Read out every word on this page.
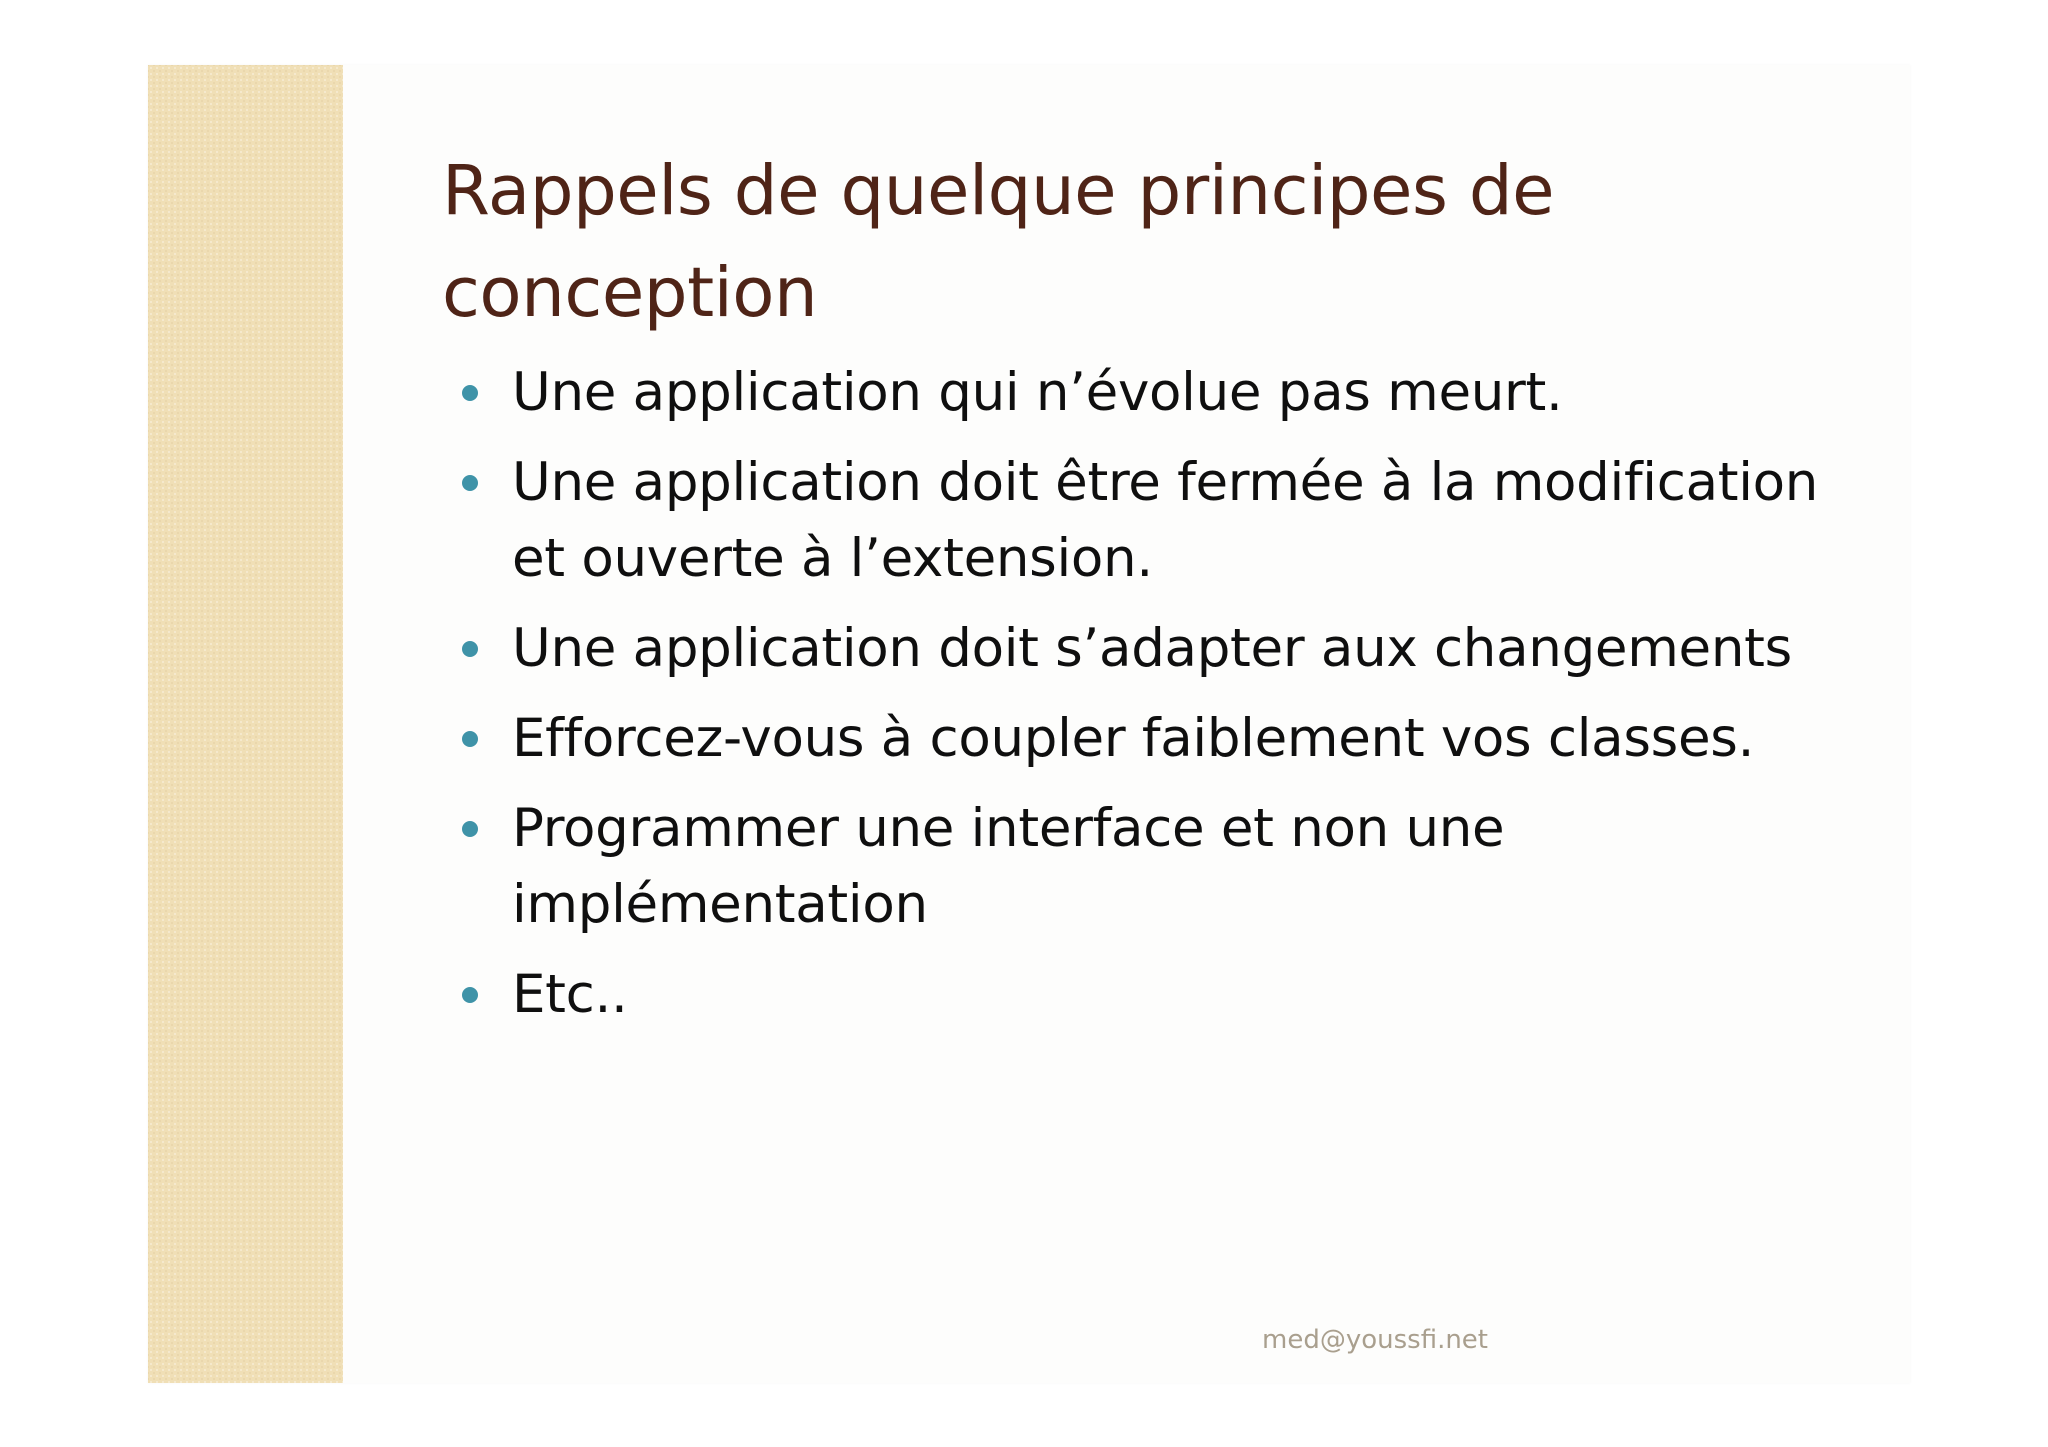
Rappels de quelque principes de conception
Une application qui n’évolue pas meurt.
Une application doit être fermée à la modification et ouverte à l’extension.
Une application doit s’adapter aux changements
Efforcez-vous à coupler faiblement vos classes.
Programmer une interface et non une implémentation
Etc..
med@youssfi.net
